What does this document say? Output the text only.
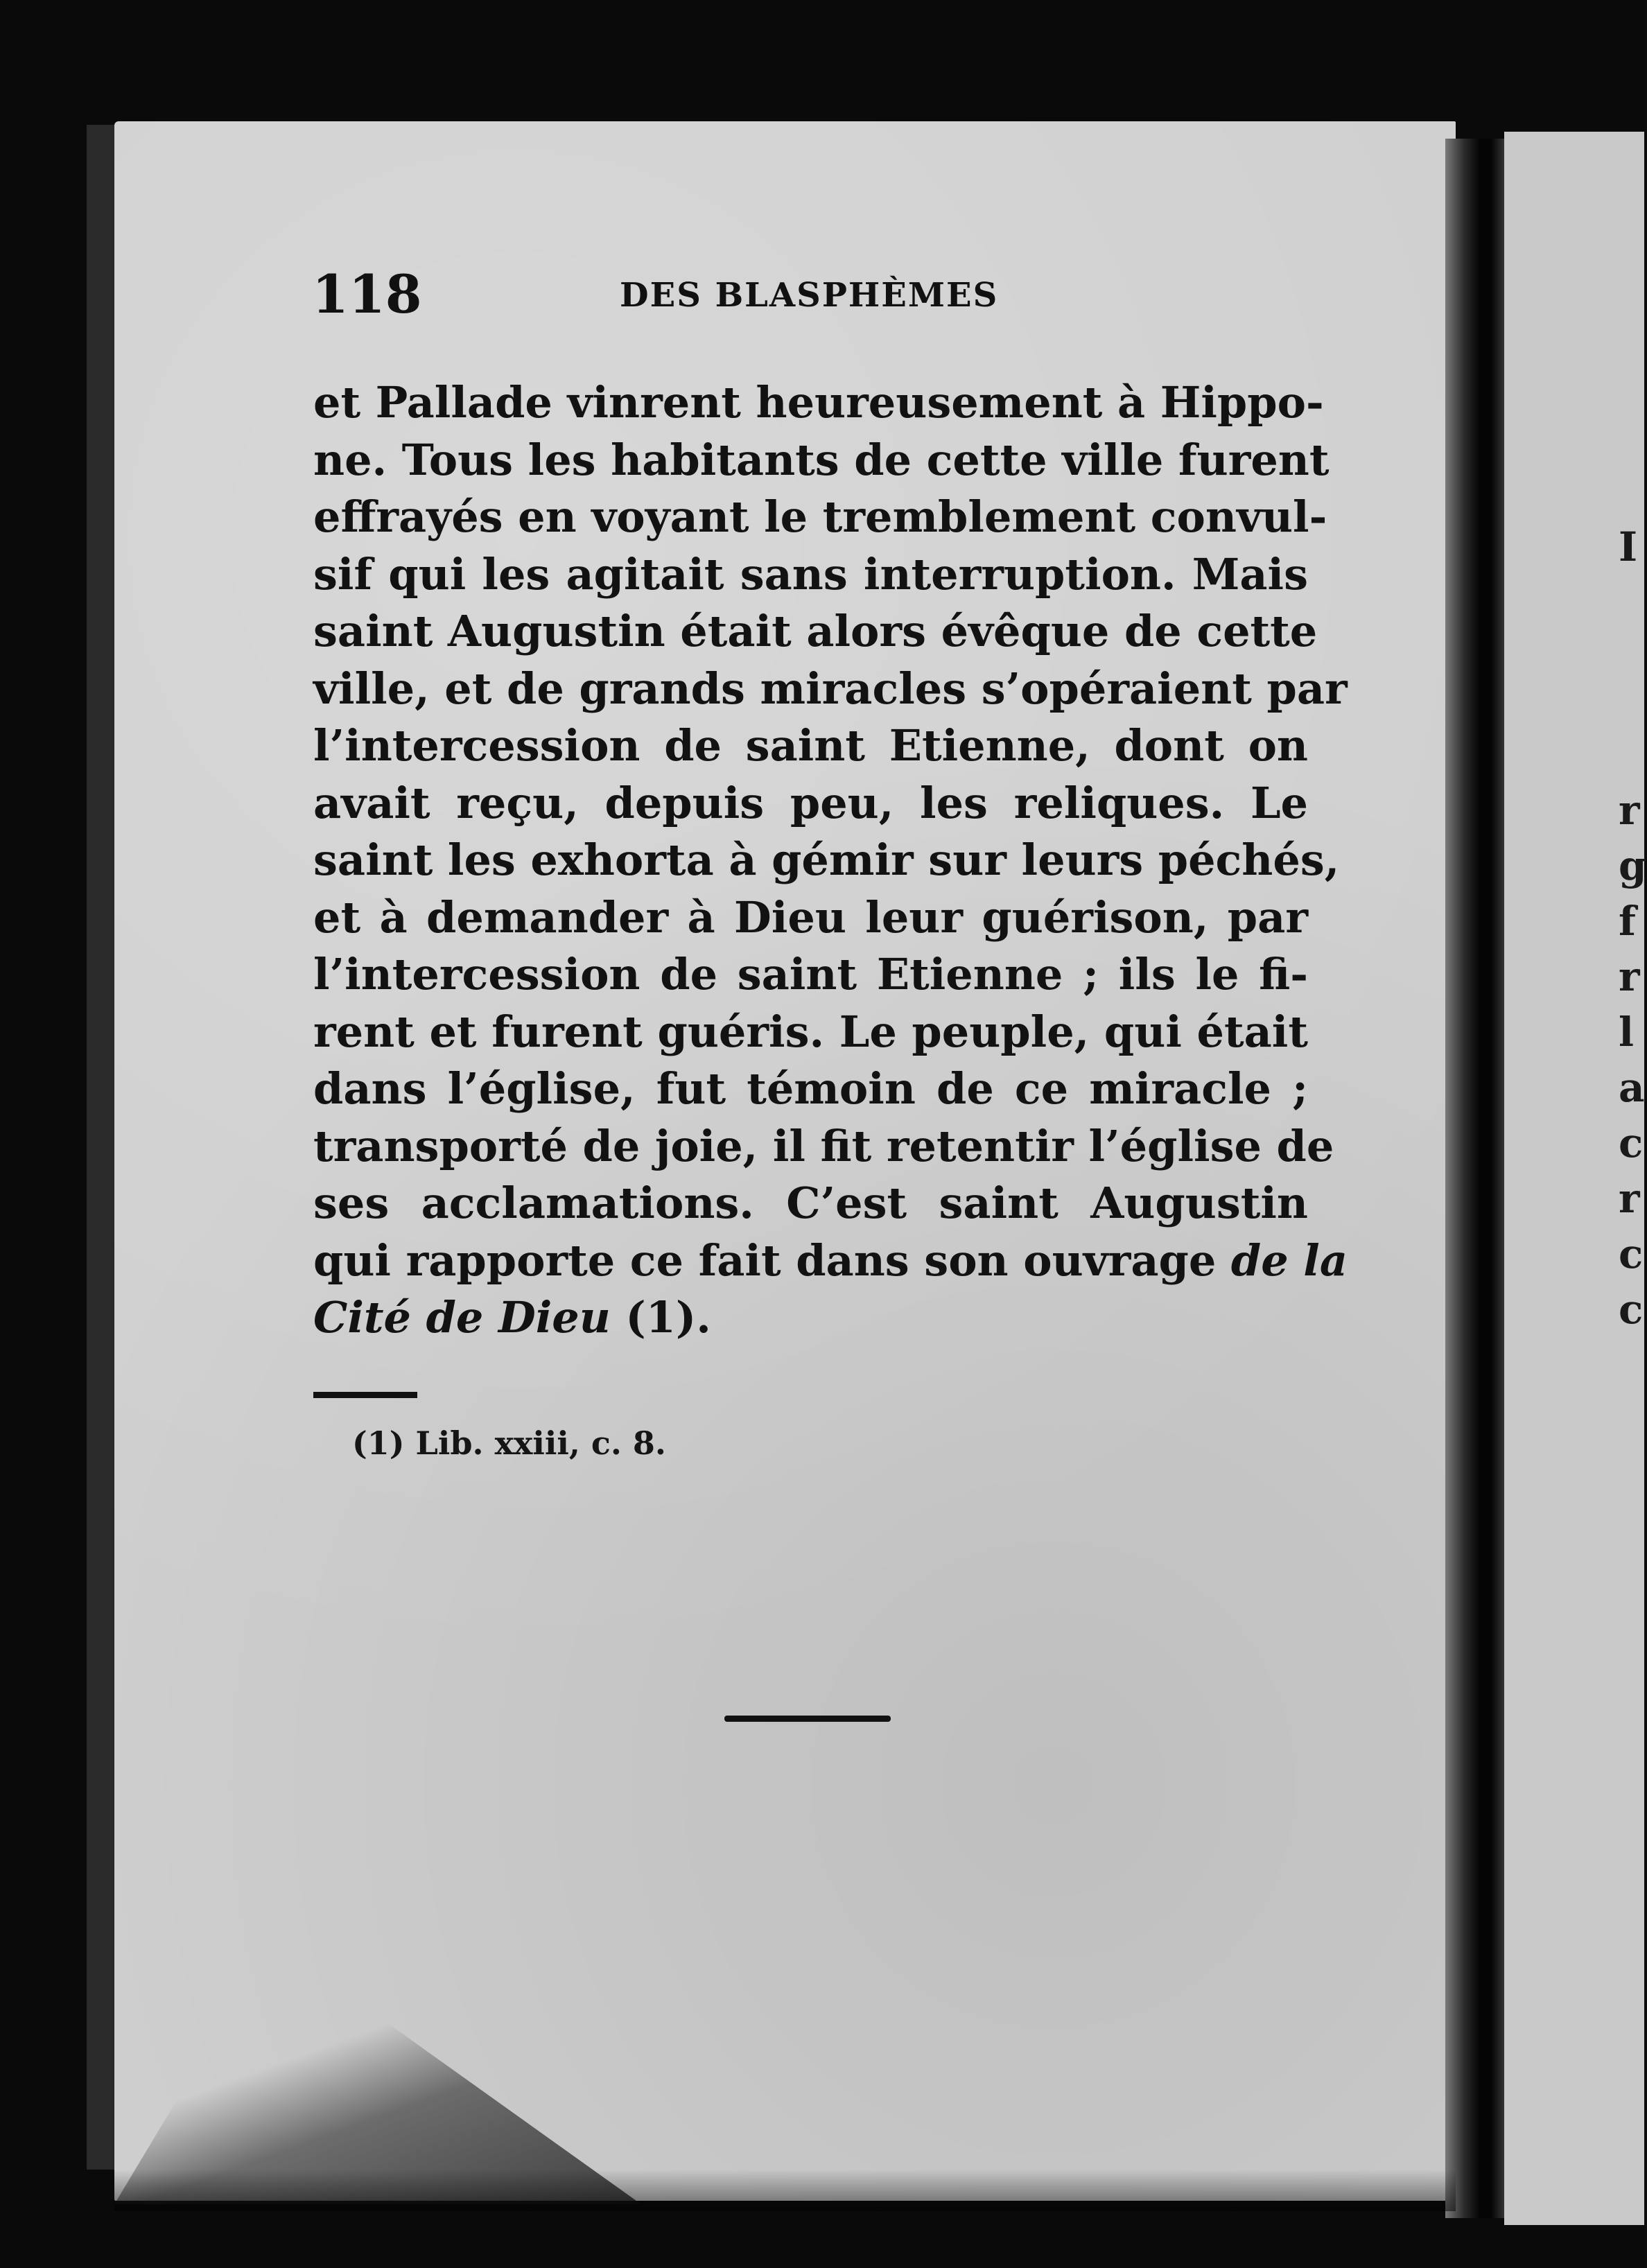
I
r
g
f
r
l
a
c
r
c
c
118	DES BLASPHÈMES
et Pallade vinrent heureusement à Hippo-
ne. Tous les habitants de cette ville furent
effrayés en voyant le tremblement convul-
sif qui les agitait sans interruption. Mais
saint Augustin était alors évêque de cette
ville, et de grands miracles s’opéraient par
l’intercession de saint Etienne, dont on
avait reçu, depuis peu, les reliques. Le
saint les exhorta à gémir sur leurs péchés,
et à demander à Dieu leur guérison, par
l’intercession de saint Etienne ; ils le fi-
rent et furent guéris. Le peuple, qui était
dans l’église, fut témoin de ce miracle ;
transporté de joie, il fit retentir l’église de
ses acclamations. C’est saint Augustin
qui rapporte ce fait dans son ouvrage de la
Cité de Dieu (1).
(1) Lib. xxiii, c. 8.
